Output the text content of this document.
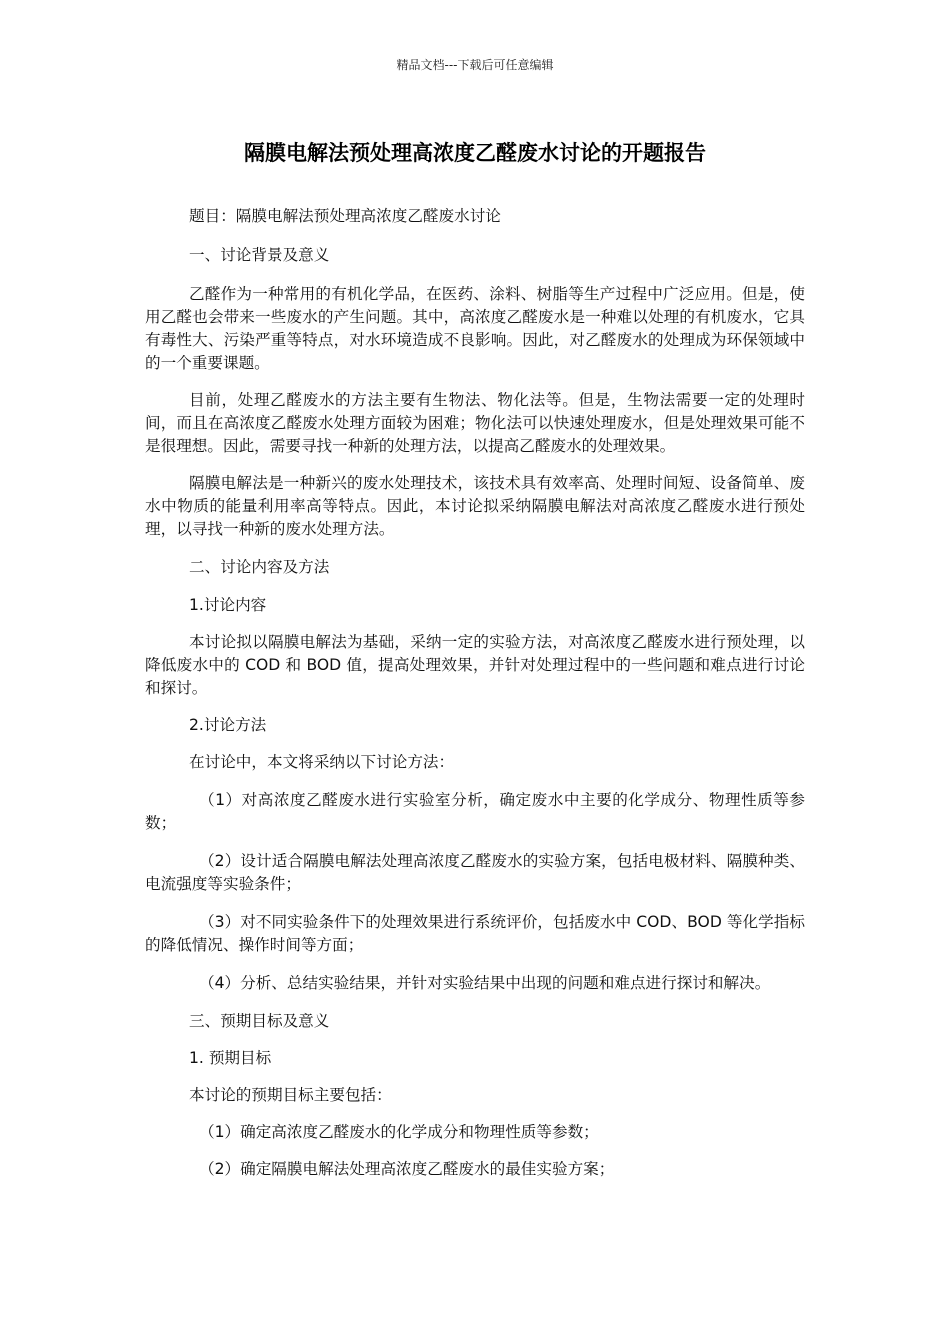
精品文档---下载后可任意编辑
隔膜电解法预处理高浓度乙醛废水讨论的开题报告

题目：隔膜电解法预处理高浓度乙醛废水讨论

一、讨论背景及意义

乙醛作为一种常用的有机化学品，在医药、涂料、树脂等生产过程中广泛应用。但是，使用乙醛也会带来一些废水的产生问题。其中，高浓度乙醛废水是一种难以处理的有机废水，它具有毒性大、污染严重等特点，对水环境造成不良影响。因此，对乙醛废水的处理成为环保领域中的一个重要课题。

目前，处理乙醛废水的方法主要有生物法、物化法等。但是，生物法需要一定的处理时间，而且在高浓度乙醛废水处理方面较为困难；物化法可以快速处理废水，但是处理效果可能不是很理想。因此，需要寻找一种新的处理方法，以提高乙醛废水的处理效果。

隔膜电解法是一种新兴的废水处理技术，该技术具有效率高、处理时间短、设备简单、废水中物质的能量利用率高等特点。因此，本讨论拟采纳隔膜电解法对高浓度乙醛废水进行预处理，以寻找一种新的废水处理方法。

二、讨论内容及方法

1.讨论内容

本讨论拟以隔膜电解法为基础，采纳一定的实验方法，对高浓度乙醛废水进行预处理，以降低废水中的 COD 和 BOD 值，提高处理效果，并针对处理过程中的一些问题和难点进行讨论和探讨。

2.讨论方法

在讨论中，本文将采纳以下讨论方法：

（1）对高浓度乙醛废水进行实验室分析，确定废水中主要的化学成分、物理性质等参数；

（2）设计适合隔膜电解法处理高浓度乙醛废水的实验方案，包括电极材料、隔膜种类、电流强度等实验条件；

（3）对不同实验条件下的处理效果进行系统评价，包括废水中 COD、BOD 等化学指标的降低情况、操作时间等方面；

（4）分析、总结实验结果，并针对实验结果中出现的问题和难点进行探讨和解决。

三、预期目标及意义

1. 预期目标

本讨论的预期目标主要包括：

（1）确定高浓度乙醛废水的化学成分和物理性质等参数；

（2）确定隔膜电解法处理高浓度乙醛废水的最佳实验方案；
